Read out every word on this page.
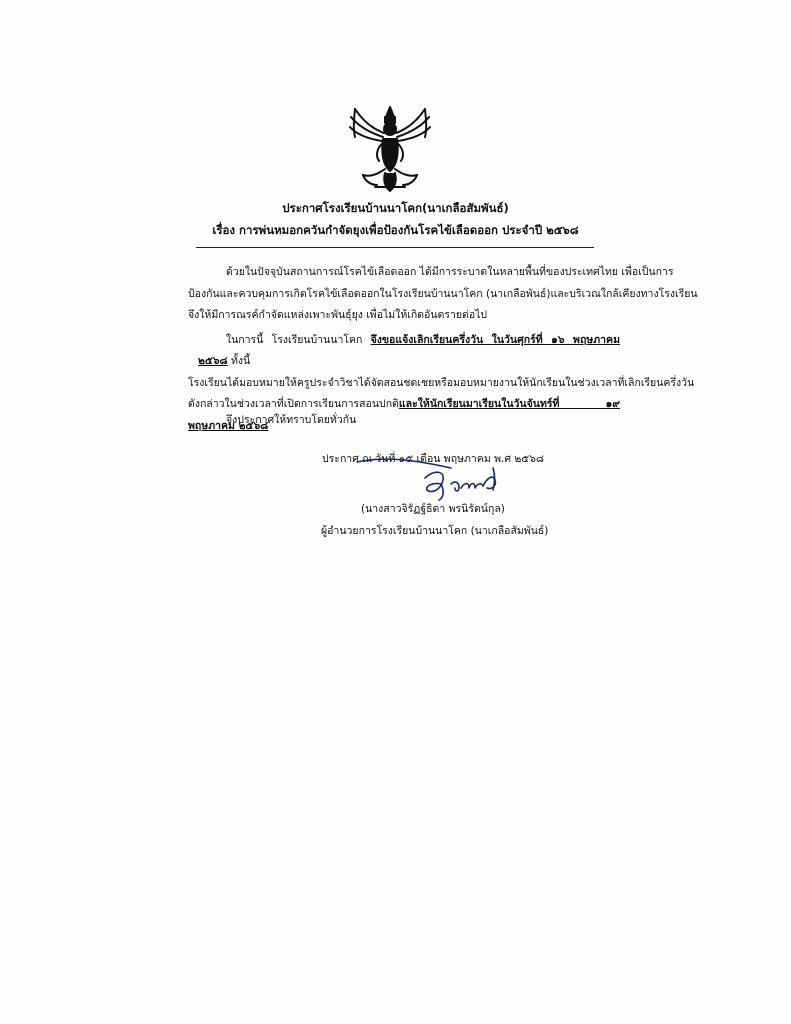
ประกาศโรงเรียนบ้านนาโคก(นาเกลือสัมพันธ์)
เรื่อง การพ่นหมอกควันกำจัดยุงเพื่อป้องกันโรคไข้เลือดออก ประจำปี ๒๕๖๘
ด้วยในปัจจุบันสถานการณ์โรคไข้เลือดออก ได้มีการระบาดในหลายพื้นที่ของประเทศไทย เพื่อเป็นการ
ป้องกันและควบคุมการเกิดโรคไข้เลือดออกในโรงเรียนบ้านนาโคก (นาเกลือพันธ์)และบริเวณใกล้เคียงทางโรงเรียน
จึงให้มีการณรค์กำจัดแหล่งเพาะพันธุ์ยุง เพื่อไม่ให้เกิดอันตรายต่อไป
ในการนี้ โรงเรียนบ้านนาโคก จึงขอแจ้งเลิกเรียนครึ่งวัน ในวันศุกร์ที่ ๑๖ พฤษภาคม ๒๕๖๘ ทั้งนี้
โรงเรียนได้มอบหมายให้ครูประจำวิชาได้จัดสอนชดเชยหรือมอบหมายงานให้นักเรียนในช่วงเวลาที่เลิกเรียนครึ่งวัน
ดังกล่าวในช่วงเวลาที่เปิดการเรียนการสอนปกติและให้นักเรียนมาเรียนในวันจันทร์ที่ ๑๙ พฤษภาคม ๒๕๖๘
จึงประกาศให้ทราบโดยทั่วกัน
ประกาศ ณ วันที่ ๑๕ เดือน พฤษภาคม พ.ศ ๒๕๖๘
(นางสาวจิรัฏฐ์ธิดา พรนิรัตน์กุล)
ผู้อำนวยการโรงเรียนบ้านนาโคก (นาเกลือสัมพันธ์)
